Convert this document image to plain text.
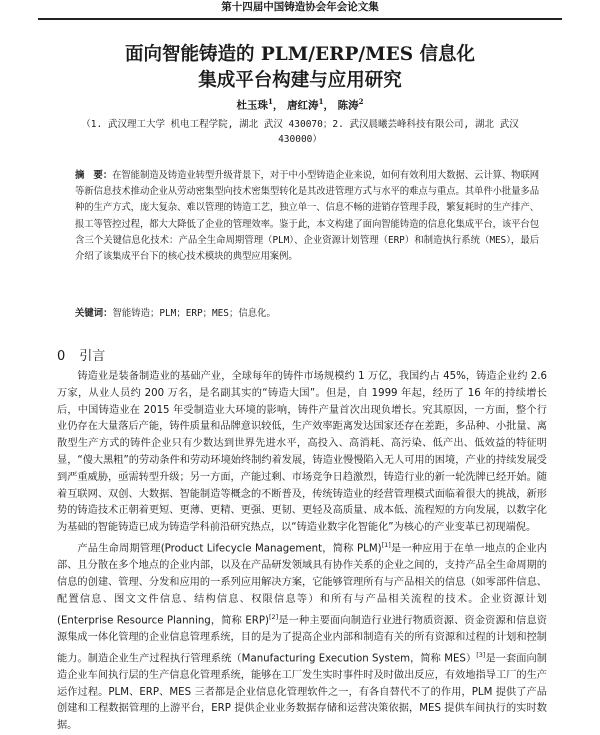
第十四届中国铸造协会年会论文集
面向智能铸造的 PLM/ERP/MES 信息化
集成平台构建与应用研究
杜玉珠$^1$， 唐红涛$^1$， 陈涛$^2$
（1. 武汉理工大学 机电工程学院, 湖北 武汉 430070；2. 武汉晨曦芸峰科技有限公司, 湖北 武汉
430000）
摘　要：在智能制造及铸造业转型升级背景下，对于中小型铸造企业来说，如何有效利用大数据、云计算、物联网等新信息技术推动企业从劳动密集型向技术密集型转化是其改进管理方式与水平的难点与重点。其单件小批量多品种的生产方式，庞大复杂、难以管理的铸造工艺，独立单一、信息不畅的进销存管理手段，繁复耗时的生产排产、报工等管控过程，都大大降低了企业的管理效率。鉴于此，本文构建了面向智能铸造的信息化集成平台，该平台包含三个关键信息化技术：产品全生命周期管理（PLM）、企业资源计划管理（ERP）和制造执行系统（MES），最后介绍了该集成平台下的核心技术模块的典型应用案例。
关键词：智能铸造；PLM；ERP；MES；信息化。
0 引言

铸造业是装备制造业的基础产业，全球每年的铸件市场规模约 1 万亿，我国约占 45%，铸造企业约 2.6万家，从业人员约 200 万名，是名副其实的“铸造大国”。但是，自 1999 年起，经历了 16 年的持续增长后，中国铸造业在 2015 年受制造业大环境的影响，铸件产量首次出现负增长。究其原因，一方面，整个行业仍存在大量落后产能，铸件质量和品牌意识较低，生产效率距离发达国家还存在差距，多品种、小批量、离散型生产方式的铸件企业只有少数达到世界先进水平，高投入、高消耗、高污染、低产出、低效益的特征明显，“傻大黑粗”的劳动条件和劳动环境始终制约着发展，铸造业慢慢陷入无人可用的困境，产业的持续发展受到严重威胁，亟需转型升级；另一方面，产能过剩、市场竞争日趋激烈，铸造行业的新一轮洗牌已经开始。随着互联网、双创、大数据、智能制造等概念的不断普及，传统铸造业的经营管理模式面临着很大的挑战，新形势的铸造技术正朝着更短、更薄、更精、更强、更韧、更轻及高质量、成本低、流程短的方向发展，以数字化为基础的智能铸造已成为铸造学科前沿研究热点，以“铸造业数字化智能化”为核心的产业变革已初现端倪。

产品生命周期管理(Product Lifecycle Management，简称 PLM)[1]是一种应用于在单一地点的企业内部、且分散在多个地点的企业内部，以及在产品研发领域具有协作关系的企业之间的，支持产品全生命周期的信息的创建、管理、分发和应用的一系列应用解决方案，它能够管理所有与产品相关的信息（如零部件信息、配置信息、图文文件信息、结构信息、权限信息等）和所有与产品相关流程的技术。企业资源计划(Enterprise Resource Planning，简称 ERP)[2]是一种主要面向制造行业进行物质资源、资金资源和信息资源集成一体化管理的企业信息管理系统，目的是为了提高企业内部和制造有关的所有资源和过程的计划和控制能力。制造企业生产过程执行管理系统（Manufacturing Execution System，简称 MES）[3]是一套面向制造企业车间执行层的生产信息化管理系统，能够在工厂发生实时事件时及时做出反应，有效地指导工厂的生产运作过程。PLM、ERP、MES 三者都是企业信息化管理软件之一，有各自替代不了的作用，PLM 提供了产品创建和工程数据管理的上游平台，ERP 提供企业业务数据存储和运营决策依据，MES 提供车间执行的实时数据。
